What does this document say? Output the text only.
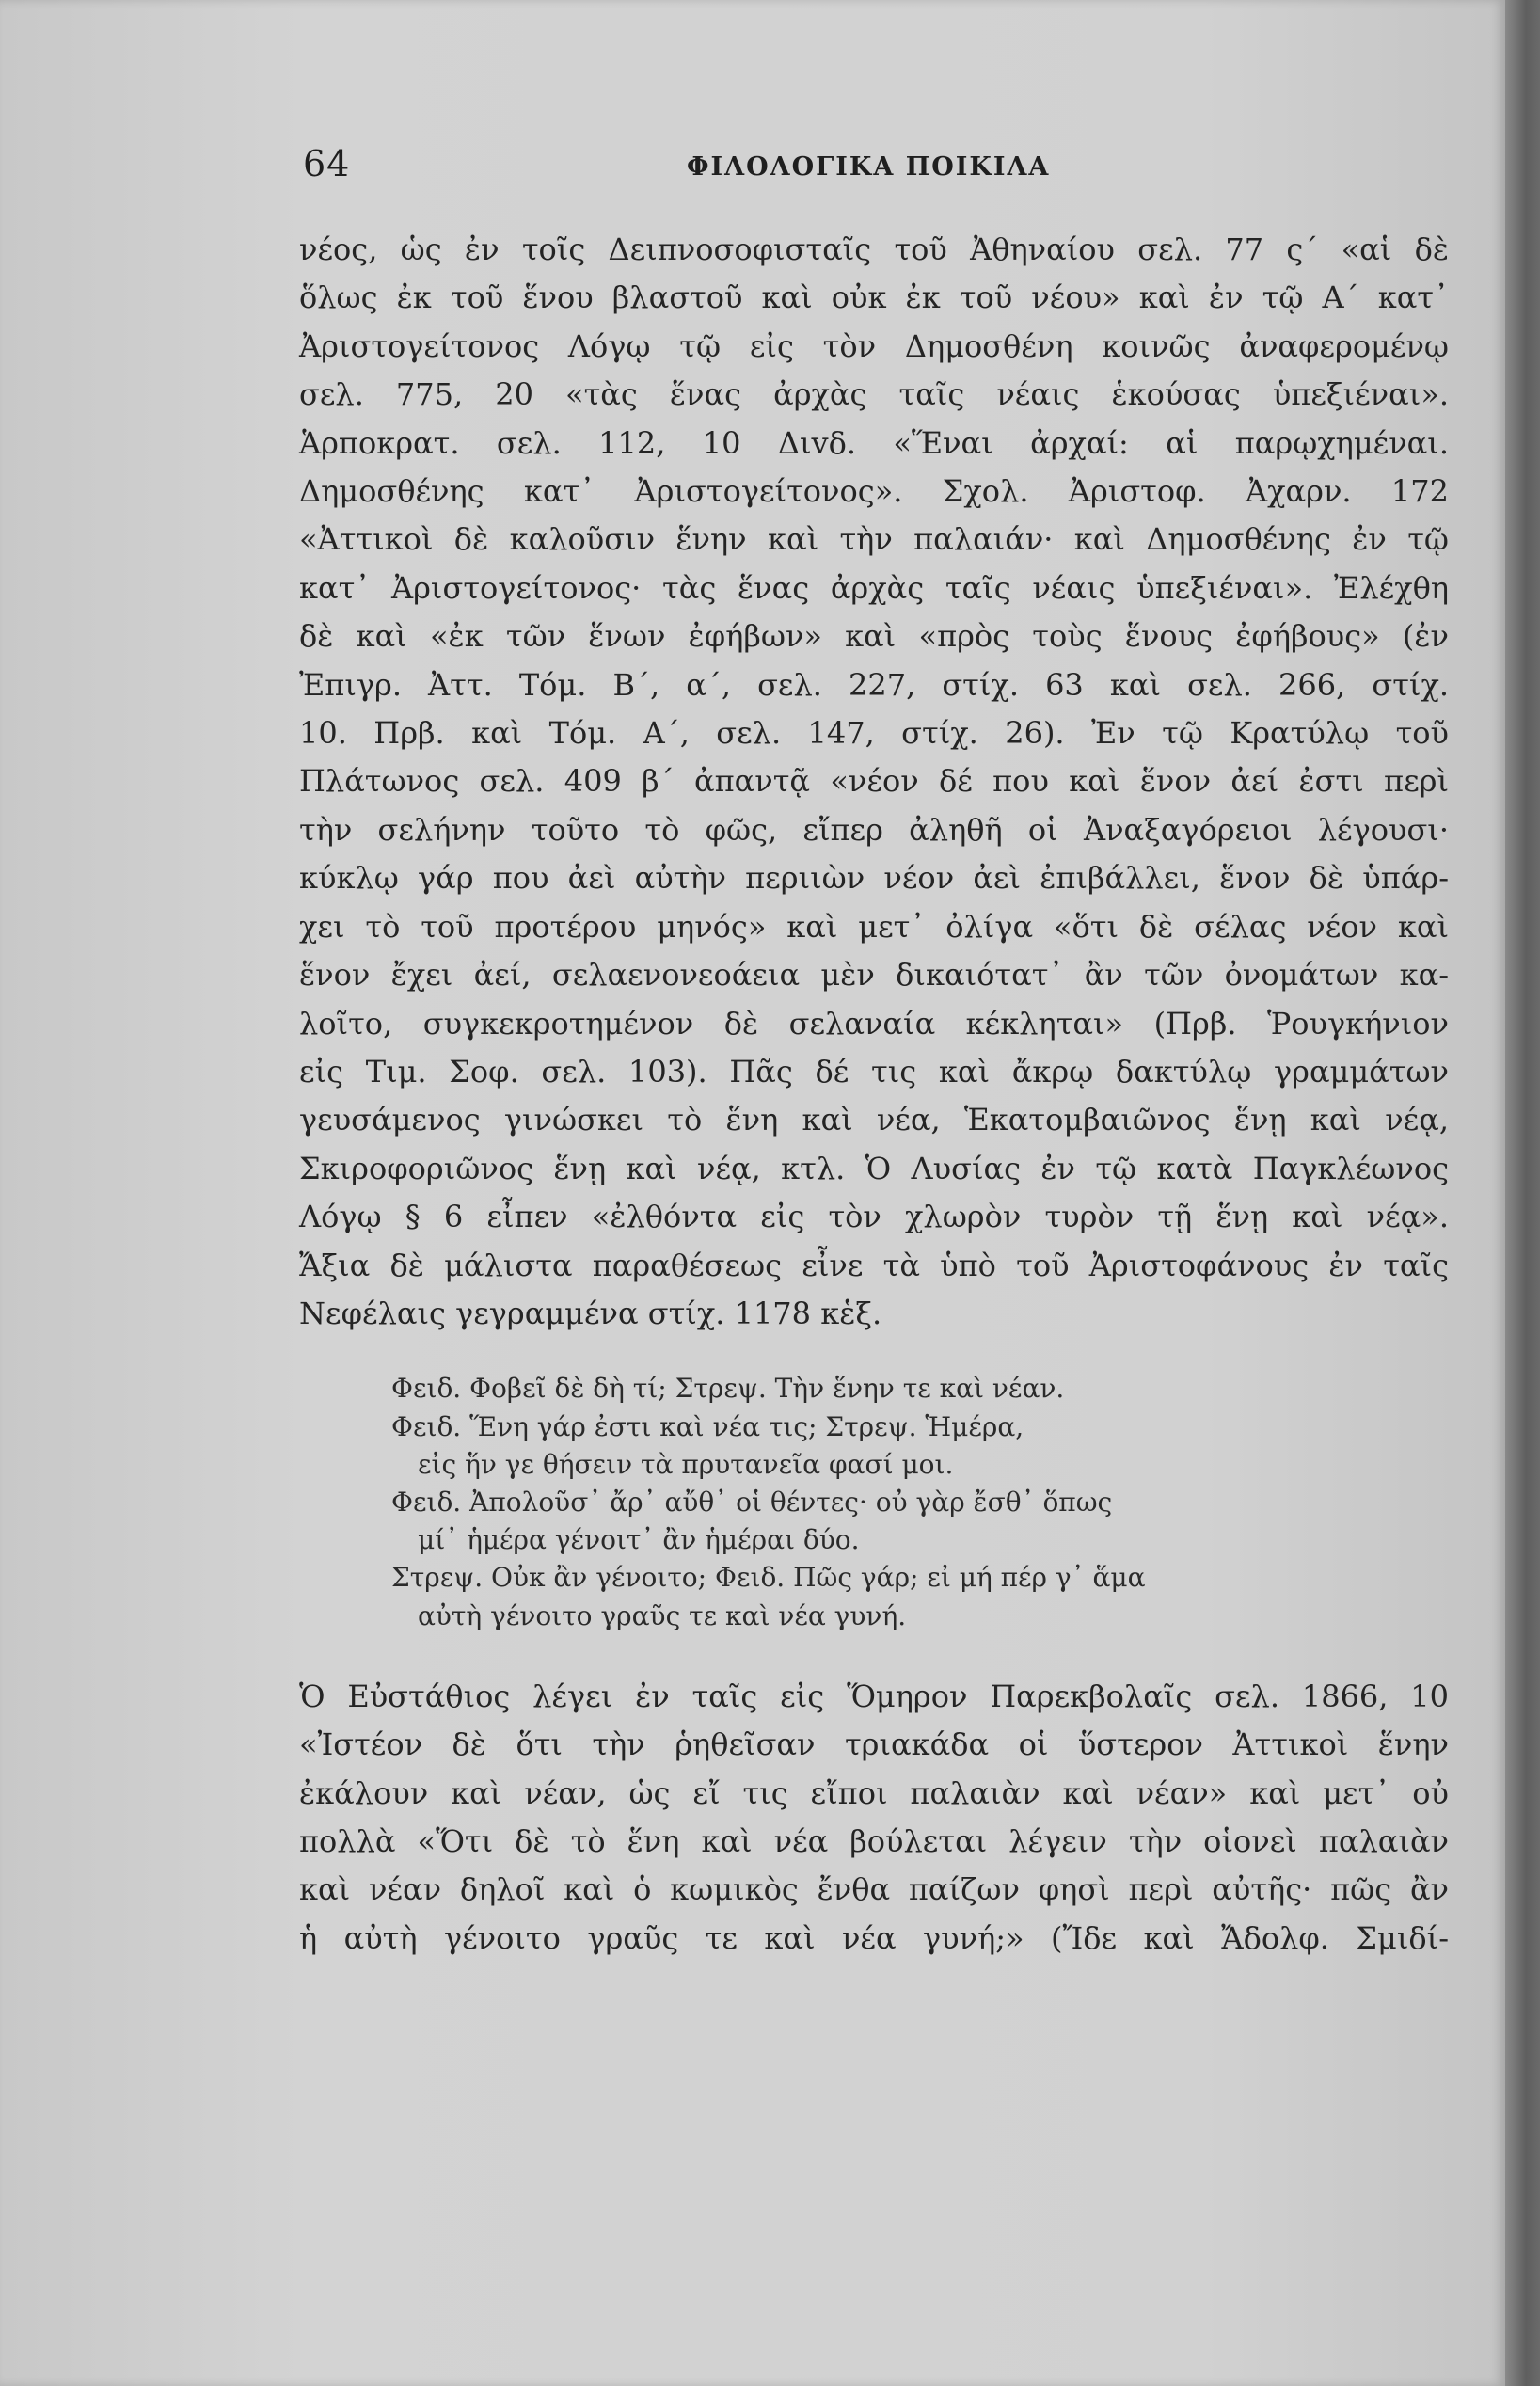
64	ΦΙΛΟΛΟΓΙΚΑ ΠΟΙΚΙΛΑ
νέος, ὡς ἐν τοῖς Δειπνοσοφισταῖς τοῦ Ἀθηναίου σελ. 77 ς΄ «αἱ δὲ
ὅλως ἐκ τοῦ ἕνου βλαστοῦ καὶ οὐκ ἐκ τοῦ νέου» καὶ ἐν τῷ Α΄ κατ᾽
Ἀριστογείτονος Λόγῳ τῷ εἰς τὸν Δημοσθένη κοινῶς ἀναφερομένῳ
σελ. 775, 20 «τὰς ἕνας ἀρχὰς ταῖς νέαις ἑκούσας ὑπεξιέναι».
Ἁρποκρατ. σελ. 112, 10 Διvδ. «Ἕναι ἀρχαί: αἱ παρῳχημέναι.
Δημοσθένης κατ᾽ Ἀριστογείτονος». Σχολ. Ἀριστοφ. Ἀχαρν. 172
«Ἀττικοὶ δὲ καλοῦσιν ἕνην καὶ τὴν παλαιάν· καὶ Δημοσθένης ἐν τῷ
κατ᾽ Ἀριστογείτονος· τὰς ἕνας ἀρχὰς ταῖς νέαις ὑπεξιέναι». Ἐλέχθη
δὲ καὶ «ἐκ τῶν ἕνων ἐφήβων» καὶ «πρὸς τοὺς ἕνους ἐφήβους» (ἐν
Ἐπιγρ. Ἀττ. Τόμ. Β΄, α΄, σελ. 227, στίχ. 63 καὶ σελ. 266, στίχ.
10. Πρβ. καὶ Τόμ. Α΄, σελ. 147, στίχ. 26). Ἐν τῷ Κρατύλῳ τοῦ
Πλάτωνος σελ. 409 β΄ ἀπαντᾷ «νέον δέ που καὶ ἕνον ἀεί ἐστι περὶ
τὴν σελήνην τοῦτο τὸ φῶς, εἴπερ ἀληθῆ οἱ Ἀναξαγόρειοι λέγουσι·
κύκλῳ γάρ που ἀεὶ αὐτὴν περιιὼν νέον ἀεὶ ἐπιβάλλει, ἕνον δὲ ὑπάρ-
χει τὸ τοῦ προτέρου μηνός» καὶ μετ᾽ ὀλίγα «ὅτι δὲ σέλας νέον καὶ
ἕνον ἔχει ἀεί, σελαενονεοάεια μὲν δικαιότατ᾽ ἂν τῶν ὀνομάτων κα-
λοῖτο, συγκεκροτημένον δὲ σελαναία κέκληται» (Πρβ. Ῥουγκήνιον
εἰς Τιμ. Σοφ. σελ. 103). Πᾶς δέ τις καὶ ἄκρῳ δακτύλῳ γραμμάτων
γευσάμενος γινώσκει τὸ ἕνη καὶ νέα, Ἑκατομβαιῶνος ἕνῃ καὶ νέᾳ,
Σκιροφοριῶνος ἕνῃ καὶ νέᾳ, κτλ. Ὁ Λυσίας ἐν τῷ κατὰ Παγκλέωνος
Λόγῳ § 6 εἶπεν «ἐλθόντα εἰς τὸν χλωρὸν τυρὸν τῇ ἕνῃ καὶ νέᾳ».
Ἄξια δὲ μάλιστα παραθέσεως εἶνε τὰ ὑπὸ τοῦ Ἀριστοφάνους ἐν ταῖς
Νεφέλαις γεγραμμένα στίχ. 1178 κἑξ.
Φειδ. Φοβεῖ δὲ δὴ τί; Στρεψ. Τὴν ἕνην τε καὶ νέαν.
Φειδ. Ἕνη γάρ ἐστι καὶ νέα τις; Στρεψ. Ἡμέρα,
εἰς ἥν γε θήσειν τὰ πρυτανεῖα φασί μοι.
Φειδ. Ἀπολοῦσ᾽ ἄρ᾽ αὔθ᾽ οἱ θέντες· οὐ γὰρ ἔσθ᾽ ὅπως
μί᾽ ἡμέρα γένοιτ᾽ ἂν ἡμέραι δύο.
Στρεψ. Οὐκ ἂν γένοιτο; Φειδ. Πῶς γάρ; εἰ μή πέρ γ᾽ ἅμα
αὐτὴ γένοιτο γραῦς τε καὶ νέα γυνή.
Ὁ Εὐστάθιος λέγει ἐν ταῖς εἰς Ὅμηρον Παρεκβολαῖς σελ. 1866, 10
«Ἰστέον δὲ ὅτι τὴν ῥηθεῖσαν τριακάδα οἱ ὕστερον Ἀττικοὶ ἕνην
ἐκάλουν καὶ νέαν, ὡς εἴ τις εἴποι παλαιὰν καὶ νέαν» καὶ μετ᾽ οὐ
πολλὰ «Ὅτι δὲ τὸ ἕνη καὶ νέα βούλεται λέγειν τὴν οἱονεὶ παλαιὰν
καὶ νέαν δηλοῖ καὶ ὁ κωμικὸς ἔνθα παίζων φησὶ περὶ αὐτῆς· πῶς ἂν
ἡ αὐτὴ γένοιτο γραῦς τε καὶ νέα γυνή;» (Ἴδε καὶ Ἄδολφ. Σμιδί-
